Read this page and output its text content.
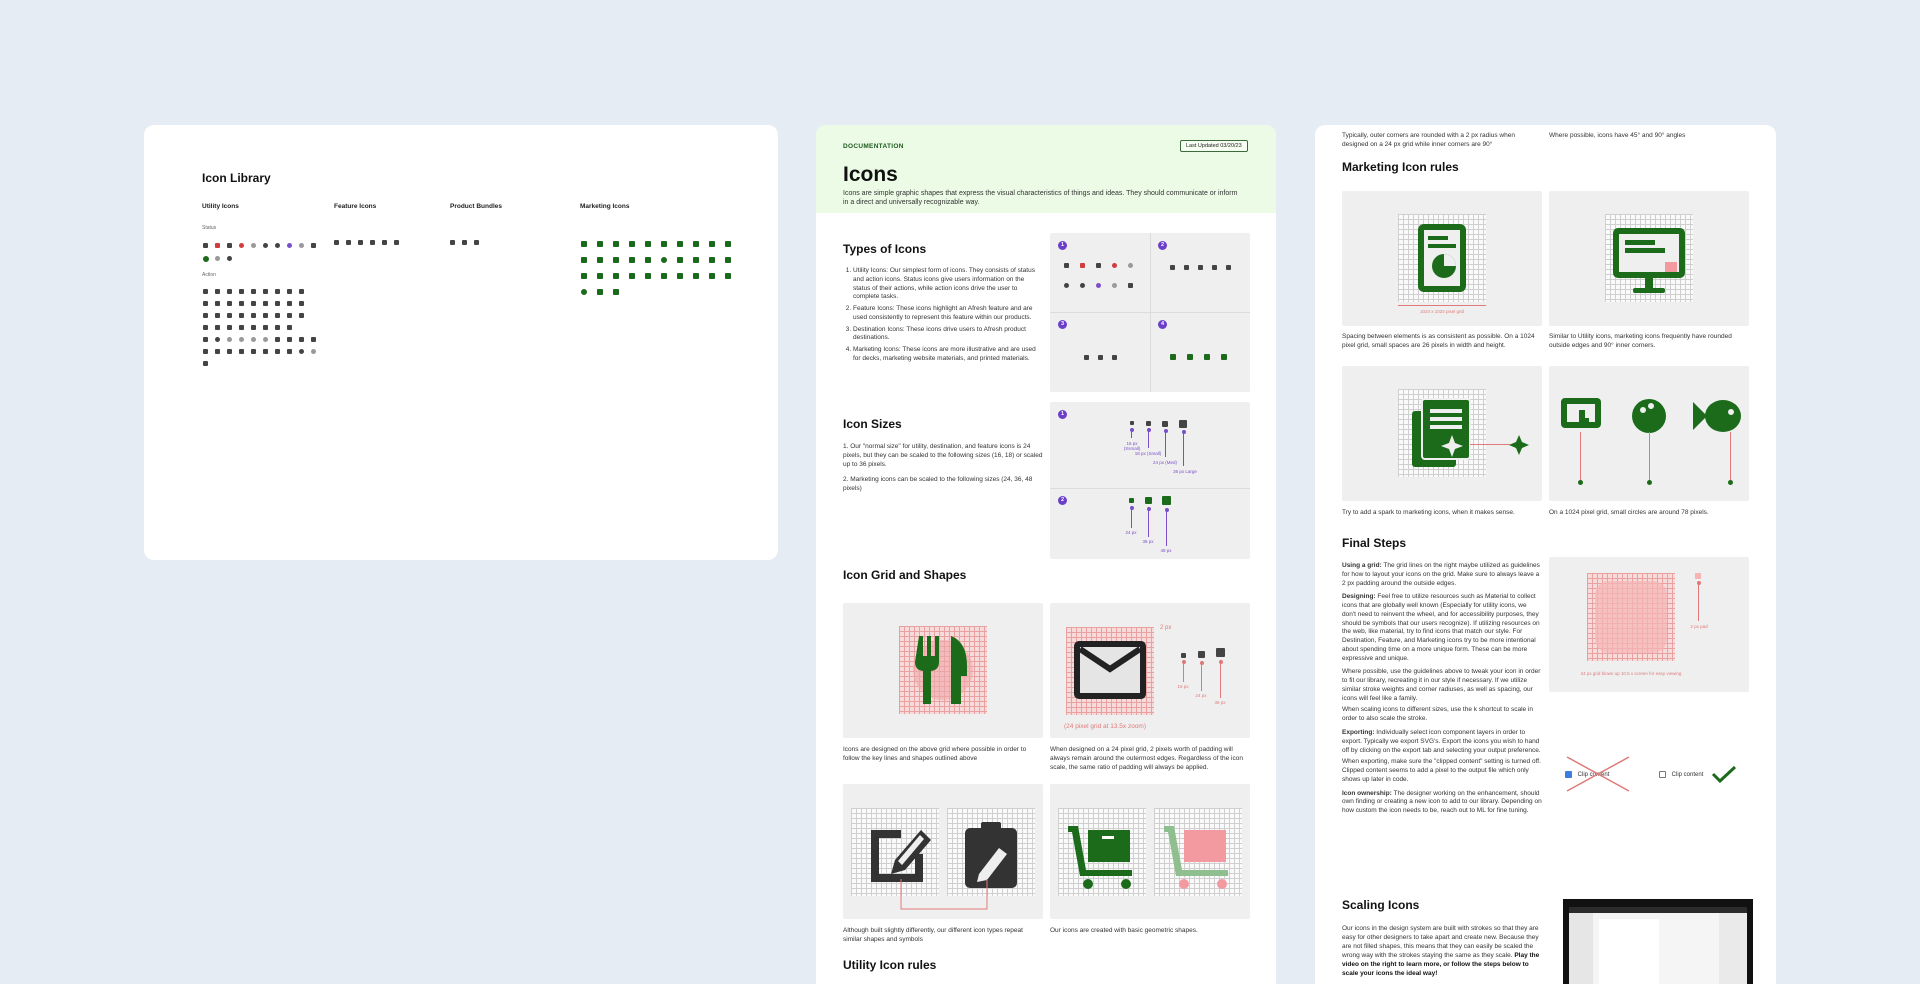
Icon Library
Utility Icons	Feature Icons	Product Bundles	Marketing Icons
Status
Action
DOCUMENTATION	Last Updated 03/20/23
Icons
Icons are simple graphic shapes that express the visual characteristics of things and ideas. They should communicate or inform in a direct and universally recognizable way.
Types of Icons
1. Utility Icons: Our simplest form of icons. They consists of status and action icons. Status icons give users information on the status of their actions, while action icons drive the user to complete tasks.
2. Feature Icons: These icons highlight an Afresh feature and are used consistently to represent this feature within our products.
3. Destination Icons: These icons drive users to Afresh product destinations.
4. Marketing Icons: These icons are more illustrative and are used for decks, marketing website materials, and printed materials.
1	2
3	4
Icon Sizes
1. Our "normal size" for utility, destination, and feature icons is 24 pixels, but they can be scaled to the following sizes (16, 18) or scaled up to 36 pixels.
2. Marketing icons can be scaled to the following sizes (24, 36, 48 pixels)
1
2
16 px (Xsmall)
18 px (Small)
24 px (Med)
36 px Large
24 px
36 px
48 px
Icon Grid and Shapes
2 px
16 px
24 px
36 px
(24 pixel grid at 13.5x zoom)
Icons are designed on the above grid where possible in order to follow the key lines and shapes outlined above
When designed on a 24 pixel grid, 2 pixels worth of padding will always remain around the outermost edges. Regardless of the icon scale, the same ratio of padding will always be applied.
Although built slightly differently, our different icon types repeat similar shapes and symbols
Our icons are created with basic geometric shapes.
Utility Icon rules
Typically, outer corners are rounded with a 2 px radius when designed on a 24 px grid while inner corners are 90°
Where possible, icons have 45° and 90° angles
Marketing Icon rules
1024 x 1024 pixel grid
Spacing between elements is as consistent as possible. On a 1024 pixel grid, small spaces are 26 pixels in width and height.
Similar to Utility icons, marketing icons frequently have rounded outside edges and 90° inner corners.
Try to add a spark to marketing icons, when it makes sense.	On a 1024 pixel grid, small circles are around 78 pixels.
Final Steps

Using a grid: The grid lines on the right maybe utilized as guidelines for how to layout your icons on the grid. Make sure to always leave a 2 px padding around the outside edges.

Designing: Feel free to utilize resources such as Material to collect icons that are globally well known (Especially for utility icons, we don't need to reinvent the wheel, and for accessibility purposes, they should be symbols that our users recognize). If utilizing resources on the web, like material, try to find icons that match our style. For Destination, Feature, and Marketing icons try to be more intentional about spending time on a more unique form. These can be more expressive and unique.

Where possible, use the guidelines above to tweak your icon in order to fit our library, recreating it in our style if necessary. If we utilize similar stroke weights and corner radiuses, as well as spacing, our icons will feel like a family.

When scaling icons to different sizes, use the k shortcut to scale in order to also scale the stroke.

Exporting: Individually select icon component layers in order to export. Typically we export SVG's. Export the icons you wish to hand off by clicking on the export tab and selecting your output preference.

When exporting, make sure the "clipped content" setting is turned off. Clipped content seems to add a pixel to the output file which only shows up later in code.

Icon ownership: The designer working on the enhancement, should own finding or creating a new icon to add to our library. Depending on how custom the icon needs to be, reach out to ML for fine tuning.

2 px pad
24 px grid blown up 10.5 x screen for easy viewing
Clip content	Clip content
Scaling Icons
Our icons in the design system are built with strokes so that they are easy for other designers to take apart and create new. Because they are not filled shapes, this means that they can easily be scaled the wrong way with the strokes staying the same as they scale. Play the video on the right to learn more, or follow the steps below to scale your icons the ideal way!
